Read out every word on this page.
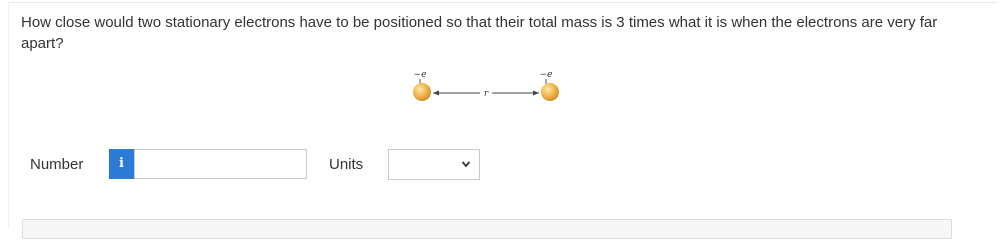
How close would two stationary electrons have to be positioned so that their total mass is 3 times what it is when the electrons are very far apart?
−e
r
−e
Number	i	Units
